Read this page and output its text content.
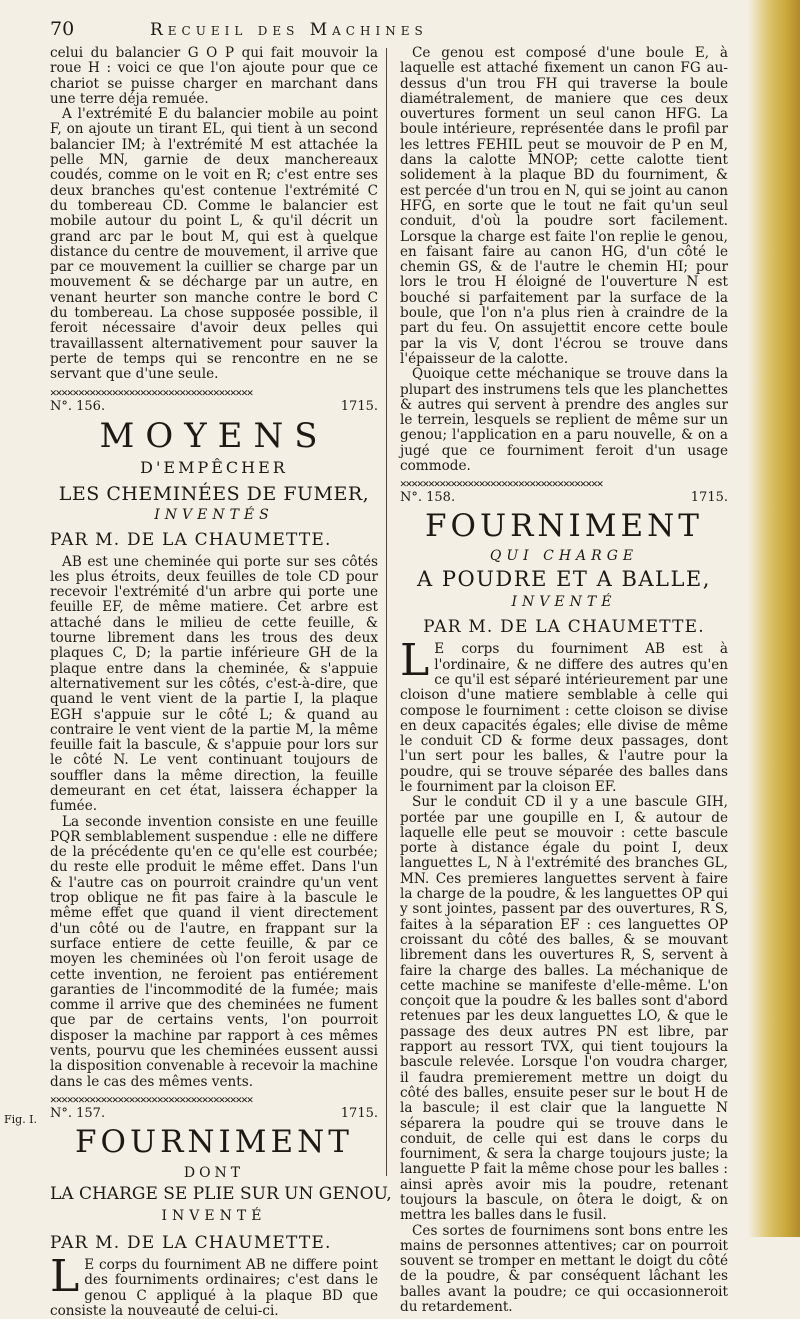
70	Recueil des Machines
Fig. I.

celui du balancier G O P qui fait mouvoir la roue H : voici ce que l'on ajoute pour que ce chariot se puisse charger en marchant dans une terre déja remuée.

A l'extrémité E du balancier mobile au point F, on ajoute un tirant EL, qui tient à un second balancier IM; à l'extrémité M est attachée la pelle MN, garnie de deux manchereaux coudés, comme on le voit en R; c'est entre ses deux branches qu'est contenue l'extrémité C du tombereau CD. Comme le balancier est mobile autour du point L, & qu'il décrit un grand arc par le bout M, qui est à quelque distance du centre de mouvement, il arrive que par ce mouvement la cuillier se charge par un mouvement & se décharge par un autre, en venant heurter son manche contre le bord C du tombereau. La chose supposée possible, il feroit nécessaire d'avoir deux pelles qui travaillassent alternativement pour sauver la perte de temps qui se rencontre en ne se servant que d'une seule.

✕✕✕✕✕✕✕✕✕✕✕✕✕✕✕✕✕✕✕✕✕✕✕✕✕✕✕✕✕✕✕✕✕✕✕✕
N°. 156.	1715.
MOYENS
D'EMPÊCHER
LES CHEMINÉES DE FUMER,
INVENTÉS
PAR M. DE LA CHAUMETTE.

AB est une cheminée qui porte sur ses côtés les plus étroits, deux feuilles de tole CD pour recevoir l'extrémité d'un arbre qui porte une feuille EF, de même matiere. Cet arbre est attaché dans le milieu de cette feuille, & tourne librement dans les trous des deux plaques C, D; la partie inférieure GH de la plaque entre dans la cheminée, & s'appuie alternativement sur les côtés, c'est-à-dire, que quand le vent vient de la partie I, la plaque EGH s'appuie sur le côté L; & quand au contraire le vent vient de la partie M, la même feuille fait la bascule, & s'appuie pour lors sur le côté N. Le vent continuant toujours de souffler dans la même direction, la feuille demeurant en cet état, laissera échapper la fumée.

La seconde invention consiste en une feuille PQR semblablement suspendue : elle ne differe de la précédente qu'en ce qu'elle est courbée; du reste elle produit le même effet. Dans l'un & l'autre cas on pourroit craindre qu'un vent trop oblique ne fit pas faire à la bascule le même effet que quand il vient directement d'un côté ou de l'autre, en frappant sur la surface entiere de cette feuille, & par ce moyen les cheminées où l'on feroit usage de cette invention, ne feroient pas entiérement garanties de l'incommodité de la fumée; mais comme il arrive que des cheminées ne fument que par de certains vents, l'on pourroit disposer la machine par rapport à ces mêmes vents, pourvu que les cheminées eussent aussi la disposition convenable à recevoir la machine dans le cas des mêmes vents.

✕✕✕✕✕✕✕✕✕✕✕✕✕✕✕✕✕✕✕✕✕✕✕✕✕✕✕✕✕✕✕✕✕✕✕✕
N°. 157.	1715.
FOURNIMENT
DONT
LA CHARGE SE PLIE SUR UN GENOU,
INVENTÉ
PAR M. DE LA CHAUMETTE.

L E corps du fourniment AB ne differe point des fourniments ordinaires; c'est dans le genou C appliqué à la plaque BD que consiste la nouveauté de celui-ci.

Ce genou est composé d'une boule E, à laquelle est attaché fixement un canon FG au-dessus d'un trou FH qui traverse la boule diamétralement, de maniere que ces deux ouvertures forment un seul canon HFG. La boule intérieure, représentée dans le profil par les lettres FEHIL peut se mouvoir de P en M, dans la calotte MNOP; cette calotte tient solidement à la plaque BD du fourniment, & est percée d'un trou en N, qui se joint au canon HFG, en sorte que le tout ne fait qu'un seul conduit, d'où la poudre sort facilement. Lorsque la charge est faite l'on replie le genou, en faisant faire au canon HG, d'un côté le chemin GS, & de l'autre le chemin HI; pour lors le trou H éloigné de l'ouverture N est bouché si parfaitement par la surface de la boule, que l'on n'a plus rien à craindre de la part du feu. On assujettit encore cette boule par la vis V, dont l'écrou se trouve dans l'épaisseur de la calotte.

Quoique cette méchanique se trouve dans la plupart des instrumens tels que les planchettes & autres qui servent à prendre des angles sur le terrein, lesquels se replient de même sur un genou; l'application en a paru nouvelle, & on a jugé que ce fourniment feroit d'un usage commode.

✕✕✕✕✕✕✕✕✕✕✕✕✕✕✕✕✕✕✕✕✕✕✕✕✕✕✕✕✕✕✕✕✕✕✕✕
N°. 158.	1715.
FOURNIMENT
QUI CHARGE
A POUDRE ET A BALLE,
INVENTÉ
PAR M. DE LA CHAUMETTE.

L E corps du fourniment AB est à l'ordinaire, & ne differe des autres qu'en ce qu'il est séparé intérieurement par une cloison d'une matiere semblable à celle qui compose le fourniment : cette cloison se divise en deux capacités égales; elle divise de même le conduit CD & forme deux passages, dont l'un sert pour les balles, & l'autre pour la poudre, qui se trouve séparée des balles dans le fourniment par la cloison EF.

Sur le conduit CD il y a une bascule GIH, portée par une goupille en I, & autour de laquelle elle peut se mouvoir : cette bascule porte à distance égale du point I, deux languettes L, N à l'extrémité des branches GL, MN. Ces premieres languettes servent à faire la charge de la poudre, & les languettes OP qui y sont jointes, passent par des ouvertures, R S, faites à la séparation EF : ces languettes OP croissant du côté des balles, & se mouvant librement dans les ouvertures R, S, servent à faire la charge des balles. La méchanique de cette machine se manifeste d'elle-même. L'on conçoit que la poudre & les balles sont d'abord retenues par les deux languettes LO, & que le passage des deux autres PN est libre, par rapport au ressort TVX, qui tient toujours la bascule relevée. Lorsque l'on voudra charger, il faudra premierement mettre un doigt du côté des balles, ensuite peser sur le bout H de la bascule; il est clair que la languette N séparera la poudre qui se trouve dans le conduit, de celle qui est dans le corps du fourniment, & sera la charge toujours juste; la languette P fait la même chose pour les balles : ainsi après avoir mis la poudre, retenant toujours la bascule, on ôtera le doigt, & on mettra les balles dans le fusil.

Ces sortes de fournimens sont bons entre les mains de personnes attentives; car on pourroit souvent se tromper en mettant le doigt du côté de la poudre, & par conséquent lâchant les balles avant la poudre; ce qui occasionneroit du retardement.
